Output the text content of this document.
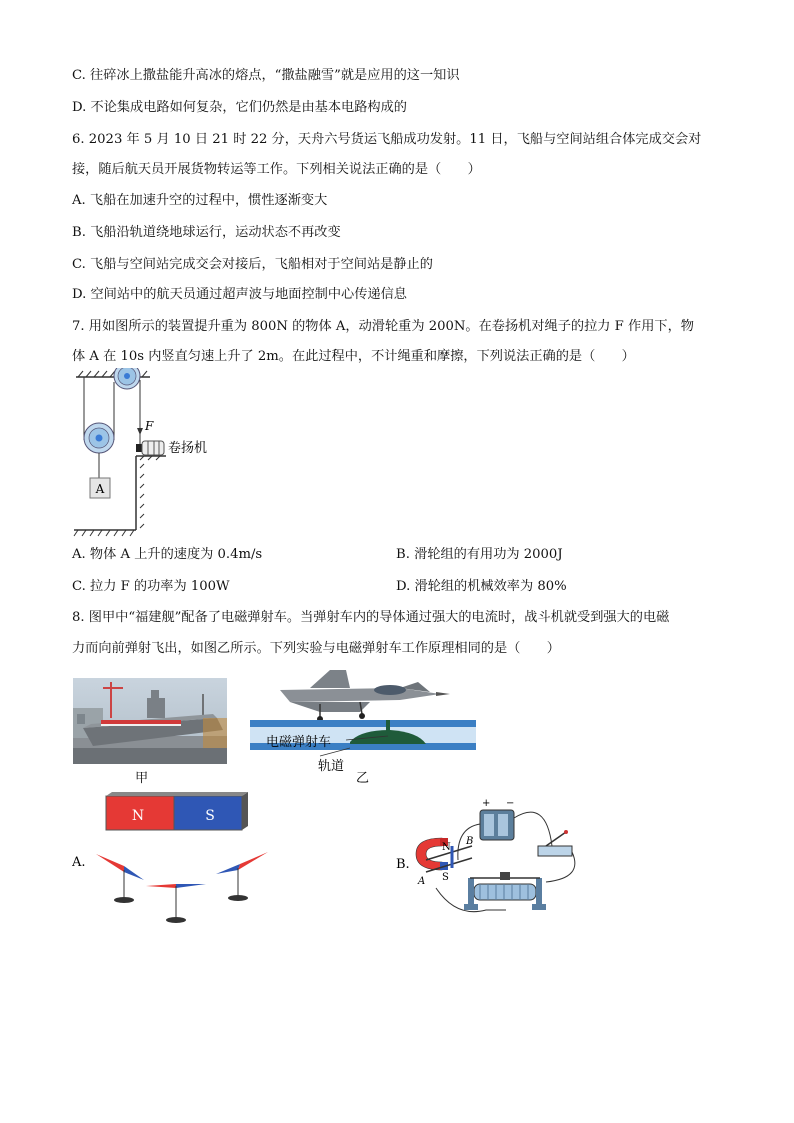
C. 往碎冰上撒盐能升高冰的熔点，“撒盐融雪”就是应用的这一知识
D. 不论集成电路如何复杂，它们仍然是由基本电路构成的
6. 2023 年 5 月 10 日 21 时 22 分，天舟六号货运飞船成功发射。11 日，飞船与空间站组合体完成交会对
接，随后航天员开展货物转运等工作。下列相关说法正确的是（　　）
A. 飞船在加速升空的过程中，惯性逐渐变大
B. 飞船沿轨道绕地球运行，运动状态不再改变
C. 飞船与空间站完成交会对接后，飞船相对于空间站是静止的
D. 空间站中的航天员通过超声波与地面控制中心传递信息
7. 用如图所示的装置提升重为 800N 的物体 A，动滑轮重为 200N。在卷扬机对绳子的拉力 F 作用下，物
体 A 在 10s 内竖直匀速上升了 2m。在此过程中，不计绳重和摩擦，下列说法正确的是（　　）
A
F
卷扬机
A. 物体 A 上升的速度为 0.4m/s	B. 滑轮组的有用功为 2000J
C. 拉力 F 的功率为 100W	D. 滑轮组的机械效率为 80%
8. 图甲中“福建舰”配备了电磁弹射车。当弹射车内的导体通过强大的电流时，战斗机就受到强大的电磁
力而向前弹射飞出，如图乙所示。下列实验与电磁弹射车工作原理相同的是（　　）
甲
电磁弹射车
轨道
乙
N	S
A.	B.
+ −
N
S
B
A
